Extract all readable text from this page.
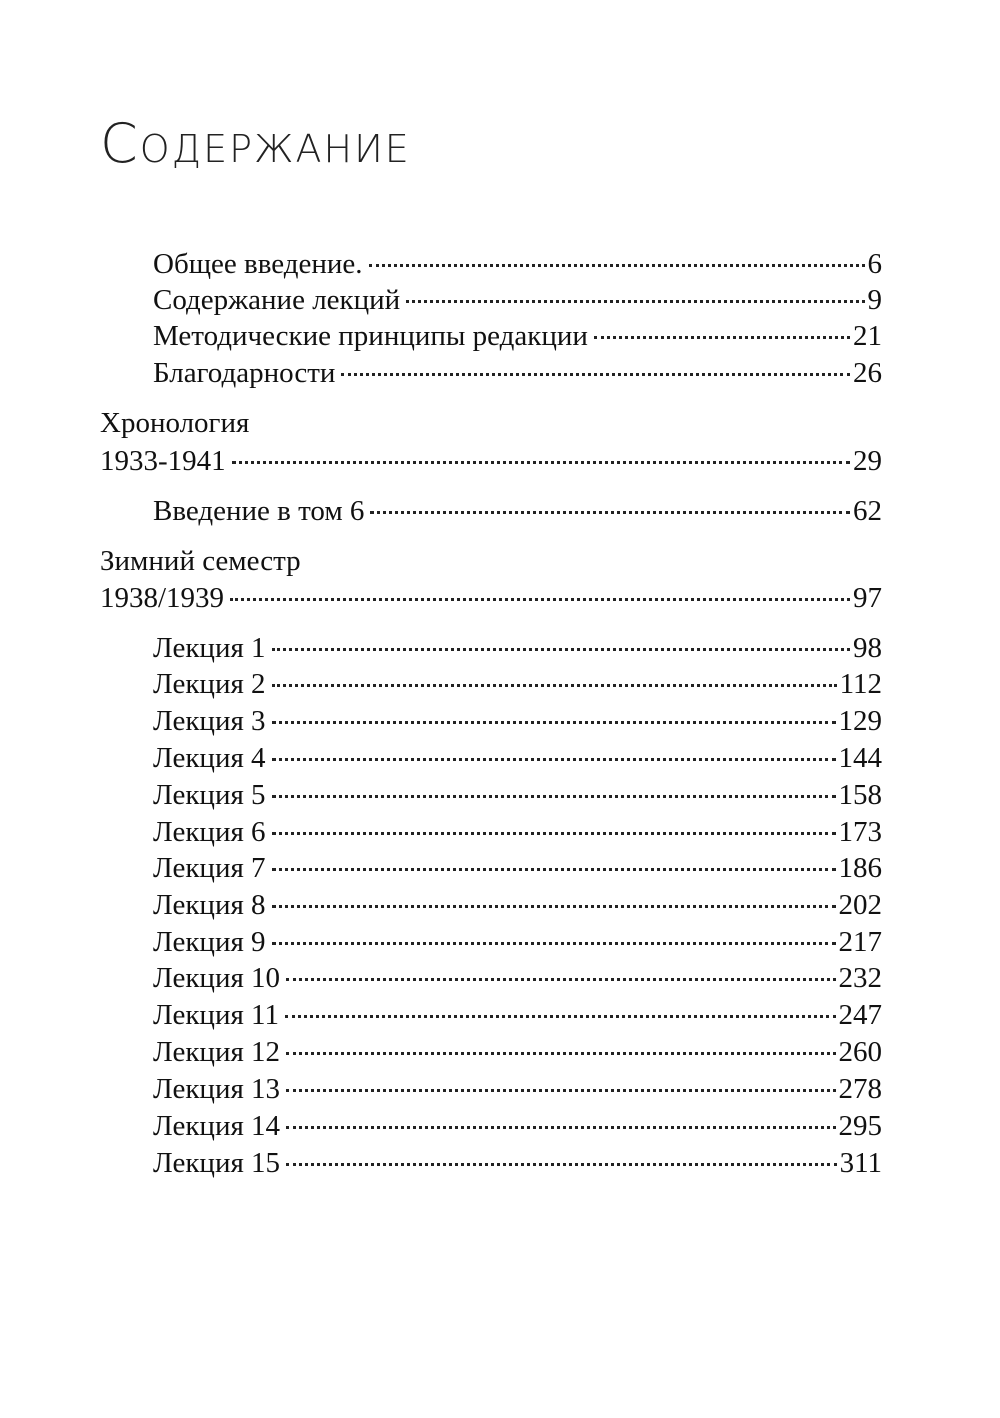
Содержание
Общее введение.	6
Содержание лекций	9
Методические принципы редакции	21
Благодарности	26
Хронология
1933-1941	29
Введение в том 6	62
Зимний семестр
1938/1939	97
Лекция 1	98
Лекция 2	112
Лекция 3	129
Лекция 4	144
Лекция 5	158
Лекция 6	173
Лекция 7	186
Лекция 8	202
Лекция 9	217
Лекция 10	232
Лекция 11	247
Лекция 12	260
Лекция 13	278
Лекция 14	295
Лекция 15	311
